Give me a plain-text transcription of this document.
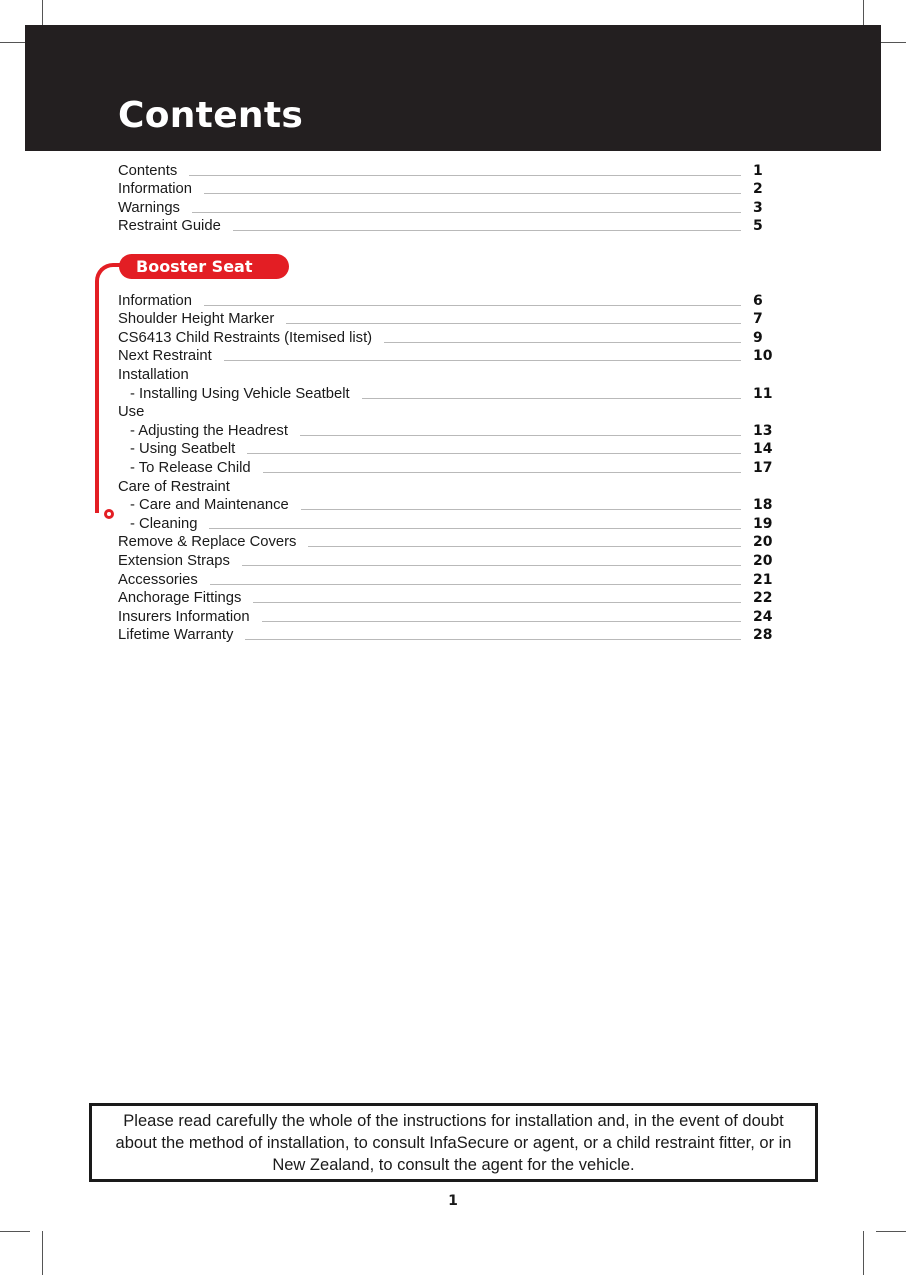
Contents
Contents	1
Information	2
Warnings	3
Restraint Guide	5
Booster Seat
Information	6
Shoulder Height Marker	7
CS6413 Child Restraints (Itemised list)	9
Next Restraint	10
Installation
- Installing Using Vehicle Seatbelt	11
Use
- Adjusting the Headrest	13
- Using Seatbelt	14
- To Release Child	17
Care of Restraint
- Care and Maintenance	18
- Cleaning	19
Remove & Replace Covers	20
Extension Straps	20
Accessories	21
Anchorage Fittings	22
Insurers Information	24
Lifetime Warranty	28
Please read carefully the whole of the instructions for installation and, in the event of doubt about the method of installation, to consult InfaSecure or agent, or a child restraint fitter, or in New Zealand, to consult the agent for the vehicle.
1
